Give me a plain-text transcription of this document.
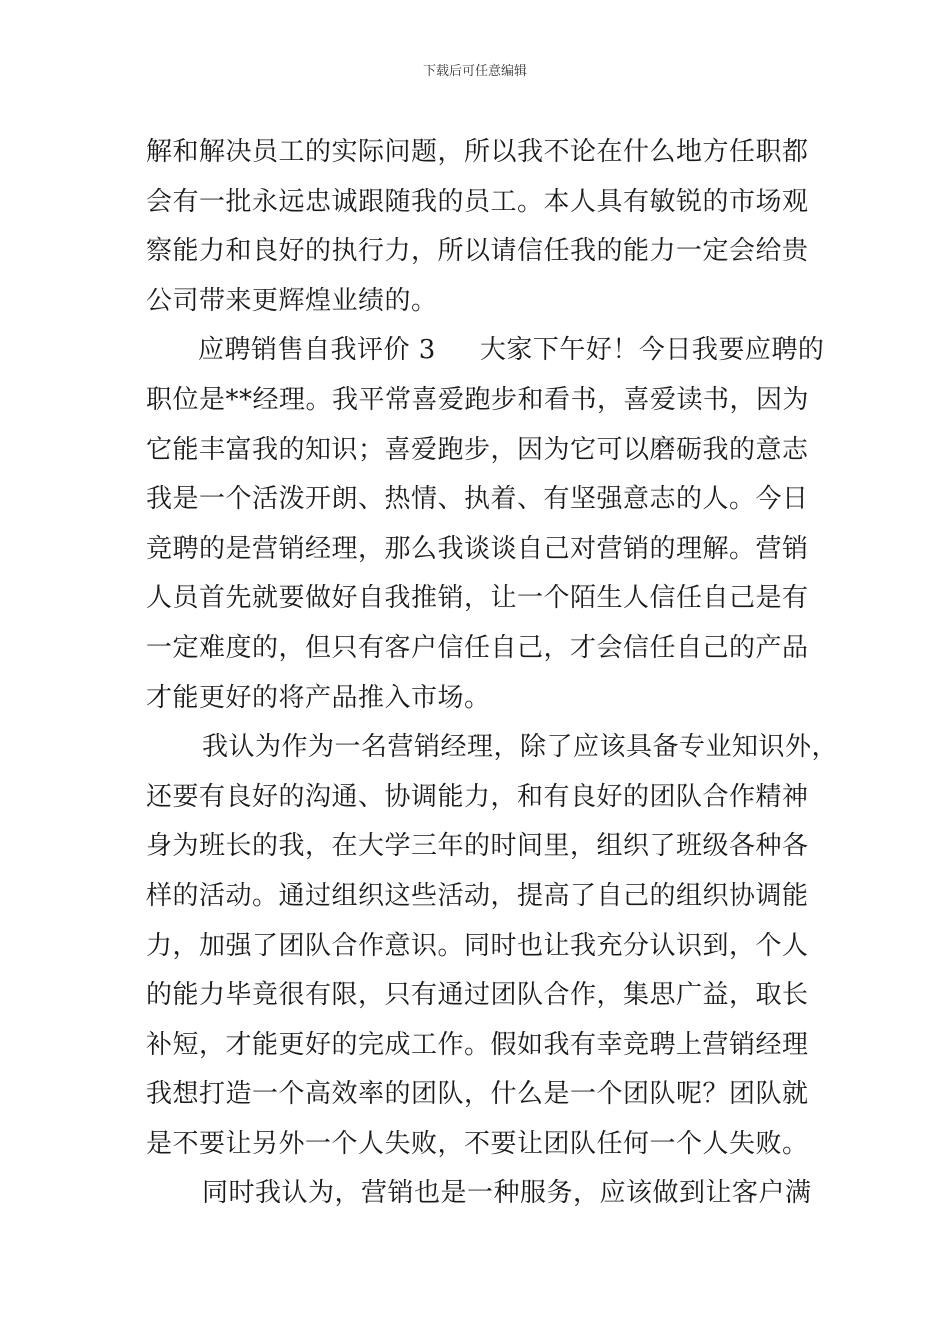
下载后可任意编辑
解和解决员工的实际问题，所以我不论在什么地方任职都
会有一批永远忠诚跟随我的员工。本人具有敏锐的市场观
察能力和良好的执行力，所以请信任我的能力一定会给贵
公司带来更辉煌业绩的。
应聘销售自我评价 3 大家下午好！今日我要应聘的
职位是**经理。我平常喜爱跑步和看书，喜爱读书，因为
它能丰富我的知识；喜爱跑步，因为它可以磨砺我的意志
我是一个活泼开朗、热情、执着、有坚强意志的人。今日
竞聘的是营销经理，那么我谈谈自己对营销的理解。营销
人员首先就要做好自我推销，让一个陌生人信任自己是有
一定难度的，但只有客户信任自己，才会信任自己的产品
才能更好的将产品推入市场。
我认为作为一名营销经理，除了应该具备专业知识外，
还要有良好的沟通、协调能力，和有良好的团队合作精神
身为班长的我，在大学三年的时间里，组织了班级各种各
样的活动。通过组织这些活动，提高了自己的组织协调能
力，加强了团队合作意识。同时也让我充分认识到，个人
的能力毕竟很有限，只有通过团队合作，集思广益，取长
补短，才能更好的完成工作。假如我有幸竞聘上营销经理
我想打造一个高效率的团队，什么是一个团队呢？团队就
是不要让另外一个人失败，不要让团队任何一个人失败。
同时我认为，营销也是一种服务，应该做到让客户满
